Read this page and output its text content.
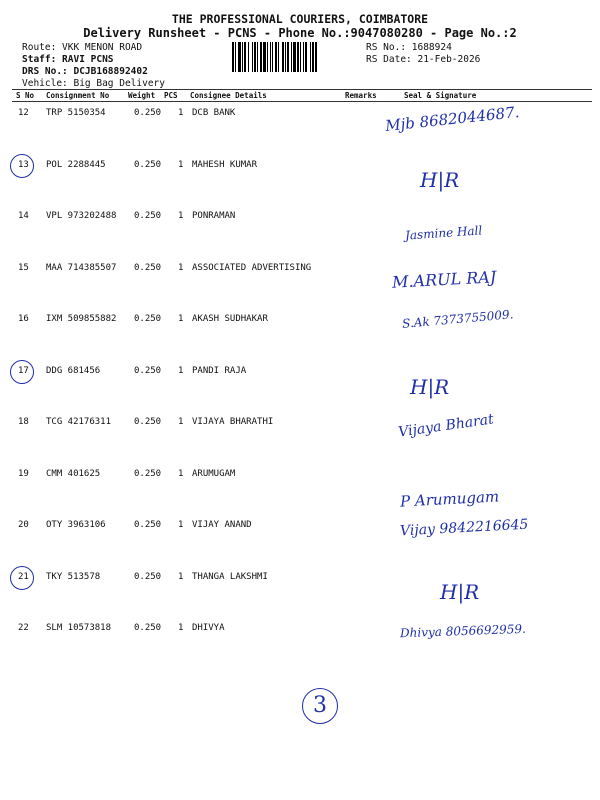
THE PROFESSIONAL COURIERS, COIMBATORE
Delivery Runsheet - PCNS - Phone No.:9047080280 - Page No.:2
Route: VKK MENON ROAD
Staff: RAVI PCNS
DRS No.: DCJB168892402
Vehicle: Big Bag Delivery
RS No.: 1688924
RS Date: 21-Feb-2026
S No Consignment No	Weight PCS Consignee Details	Remarks	Seal & Signature
12 TRP 5150354	0.250 1 DCB BANK	Mjb 8682044687.
13 POL 2288445	0.250 1 MAHESH KUMAR
H|R
14 VPL 973202488 0.250 1 PONRAMAN
Jasmine Hall
15 MAA 714385507 0.250 1 ASSOCIATED ADVERTISING	M.ARUL RAJ
16 IXM 509855882 0.250 1 AKASH SUDHAKAR	S.Ak 7373755009.
17 DDG 681456	0.250 1 PANDI RAJA
H|R
18 TCG 42176311	0.250 1 VIJAYA BHARATHI	Vijaya Bharat
19 CMM 401625	0.250 1 ARUMUGAM
P Arumugam
20 OTY 3963106	0.250 1 VIJAY ANAND	Vijay 9842216645
21 TKY 513578	0.250 1 THANGA LAKSHMI
H|R
22 SLM 10573818	0.250 1 DHIVYA	Dhivya 8056692959.
3
